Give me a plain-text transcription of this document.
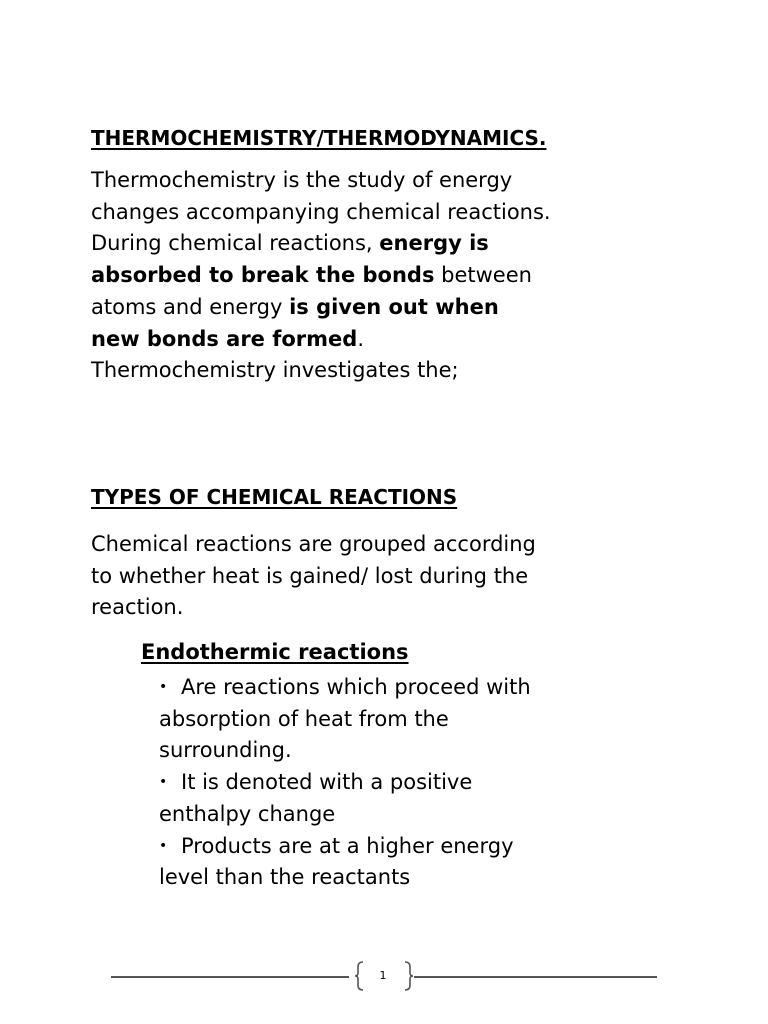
THERMOCHEMISTRY/THERMODYNAMICS.

Thermochemistry is the study of energy
changes accompanying chemical reactions.
During chemical reactions, energy is
absorbed to break the bonds between
atoms and energy is given out when
new bonds are formed.
Thermochemistry investigates the;

TYPES OF CHEMICAL REACTIONS

Chemical reactions are grouped according
to whether heat is gained/ lost during the
reaction.

Endothermic reactions
• Are reactions which proceed with
absorption of heat from the
surrounding.
• It is denoted with a positive
enthalpy change
• Products are at a higher energy
level than the reactants
1
